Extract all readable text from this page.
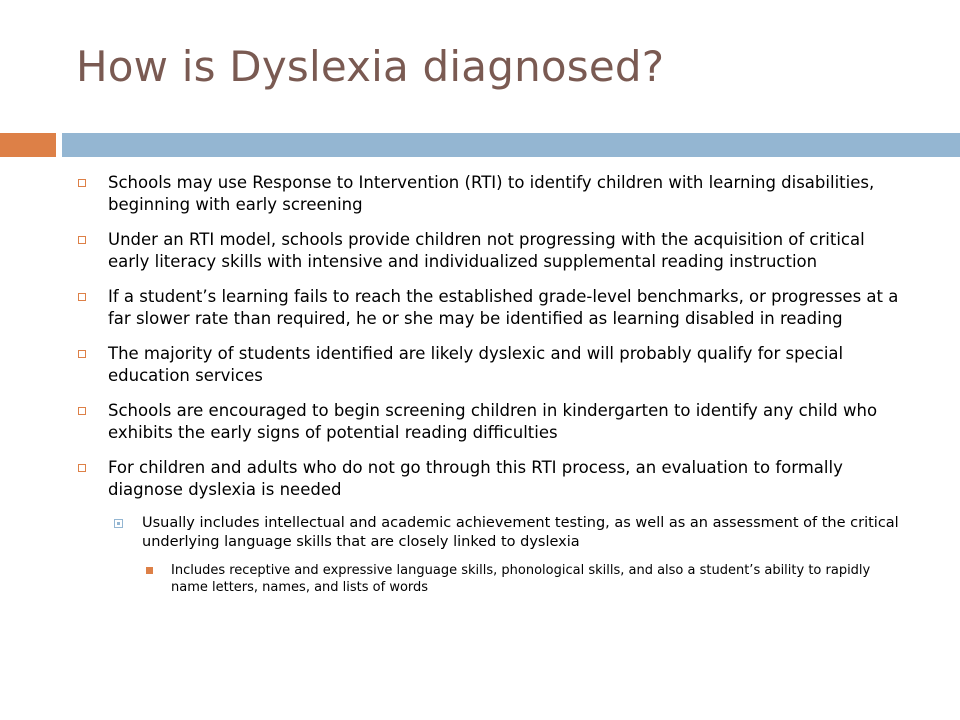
How is Dyslexia diagnosed?
Schools may use Response to Intervention (RTI) to identify children with learning disabilities, beginning with early screening
Under an RTI model, schools provide children not progressing with the acquisition of critical early literacy skills with intensive and individualized supplemental reading instruction
If a student’s learning fails to reach the established grade-level benchmarks, or progresses at a far slower rate than required, he or she may be identified as learning disabled in reading
The majority of students identified are likely dyslexic and will probably qualify for special education services
Schools are encouraged to begin screening children in kindergarten to identify any child who exhibits the early signs of potential reading difficulties
For children and adults who do not go through this RTI process, an evaluation to formally diagnose dyslexia is needed
Usually includes intellectual and academic achievement testing, as well as an assessment of the critical underlying language skills that are closely linked to dyslexia
Includes receptive and expressive language skills, phonological skills, and also a student’s ability to rapidly name letters, names, and lists of words
